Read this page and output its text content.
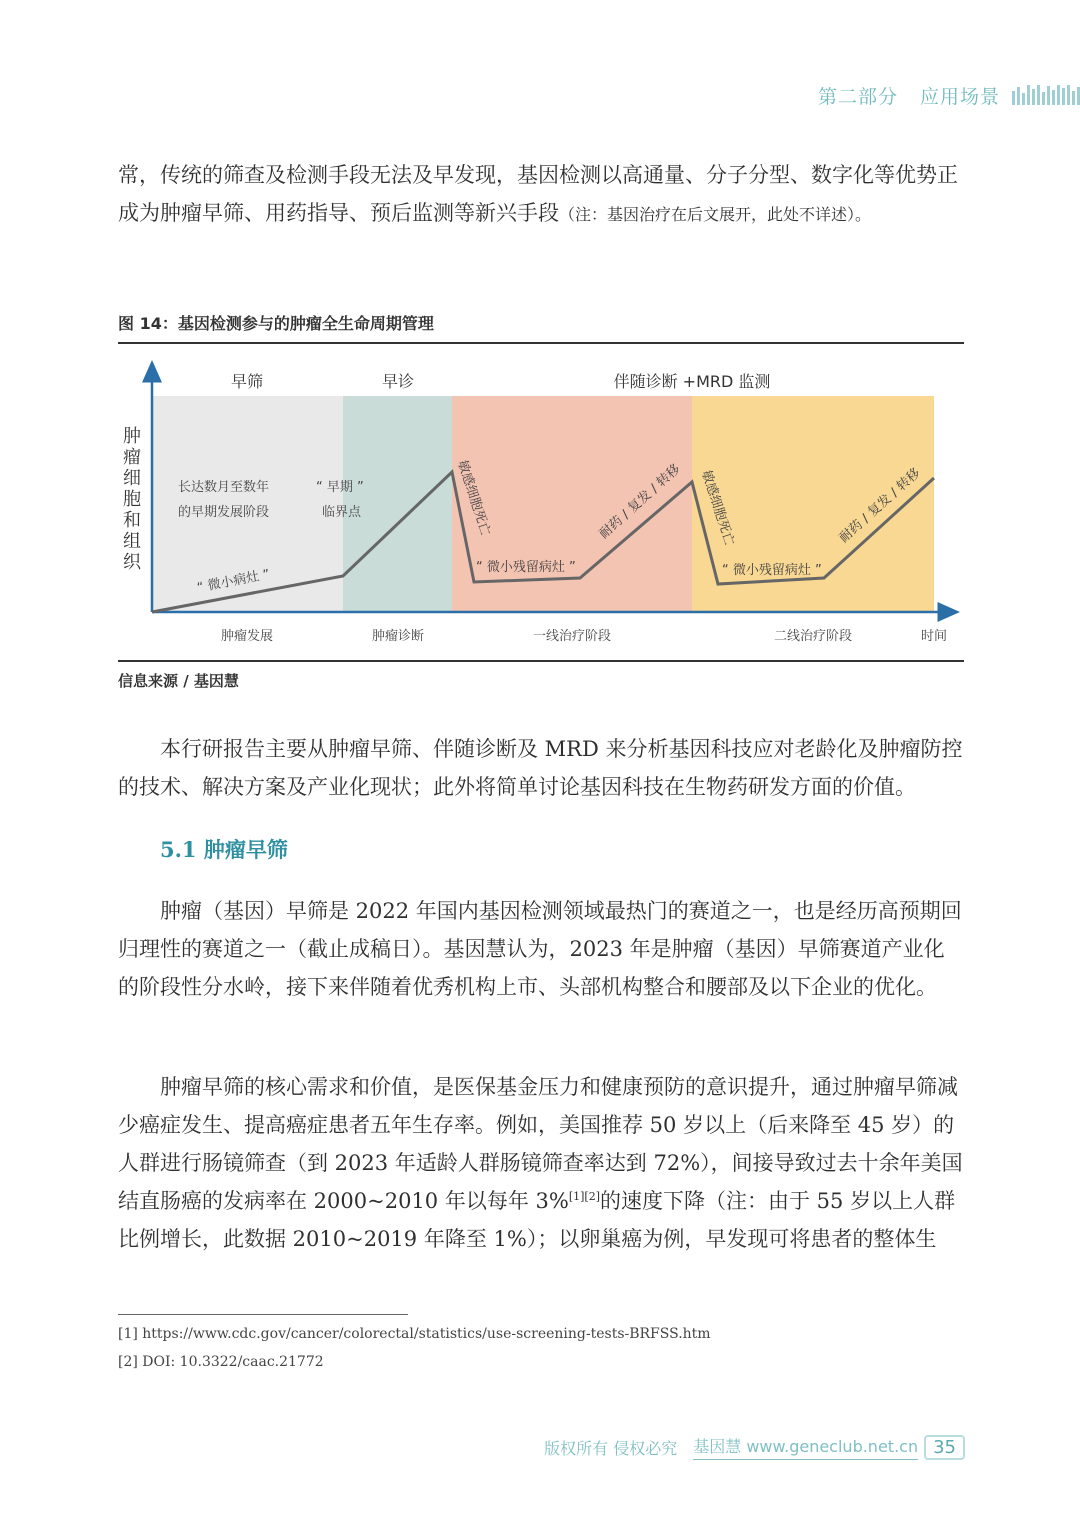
第二部分 应用场景

常，传统的筛查及检测手段无法及早发现，基因检测以高通量、分子分型、数字化等优势正成为肿瘤早筛、用药指导、预后监测等新兴手段（注：基因治疗在后文展开，此处不详述）。

图 14：基因检测参与的肿瘤全生命周期管理
早筛	早诊	伴随诊断 +MRD 监测
肿瘤细胞和组织
长达数月至数年
的早期发展阶段
“ 早期 ”
临界点
“ 微小病灶 ”
敏感细胞死亡
“ 微小残留病灶 ”
耐药 / 复发 / 转移 敏感细胞死亡
“ 微小残留病灶 ”
耐药 / 复发 / 转移
肿瘤发展	肿瘤诊断	一线治疗阶段	二线治疗阶段	时间
信息来源 / 基因慧

本行研报告主要从肿瘤早筛、伴随诊断及 MRD 来分析基因科技应对老龄化及肿瘤防控的技术、解决方案及产业化现状；此外将简单讨论基因科技在生物药研发方面的价值。

5.1 肿瘤早筛

肿瘤（基因）早筛是 2022 年国内基因检测领域最热门的赛道之一，也是经历高预期回归理性的赛道之一（截止成稿日）。基因慧认为，2023 年是肿瘤（基因）早筛赛道产业化的阶段性分水岭，接下来伴随着优秀机构上市、头部机构整合和腰部及以下企业的优化。

肿瘤早筛的核心需求和价值，是医保基金压力和健康预防的意识提升，通过肿瘤早筛减少癌症发生、提高癌症患者五年生存率。例如，美国推荐 50 岁以上（后来降至 45 岁）的人群进行肠镜筛查（到 2023 年适龄人群肠镜筛查率达到 72%），间接导致过去十余年美国结直肠癌的发病率在 2000~2010 年以每年 3%[1][2]的速度下降（注：由于 55 岁以上人群比例增长，此数据 2010~2019 年降至 1%）；以卵巢癌为例，早发现可将患者的整体生

[1] https://www.cdc.gov/cancer/colorectal/statistics/use-screening-tests-BRFSS.htm
[2] DOI: 10.3322/caac.21772
版权所有 侵权必究 基因慧 www.geneclub.net.cn 35
